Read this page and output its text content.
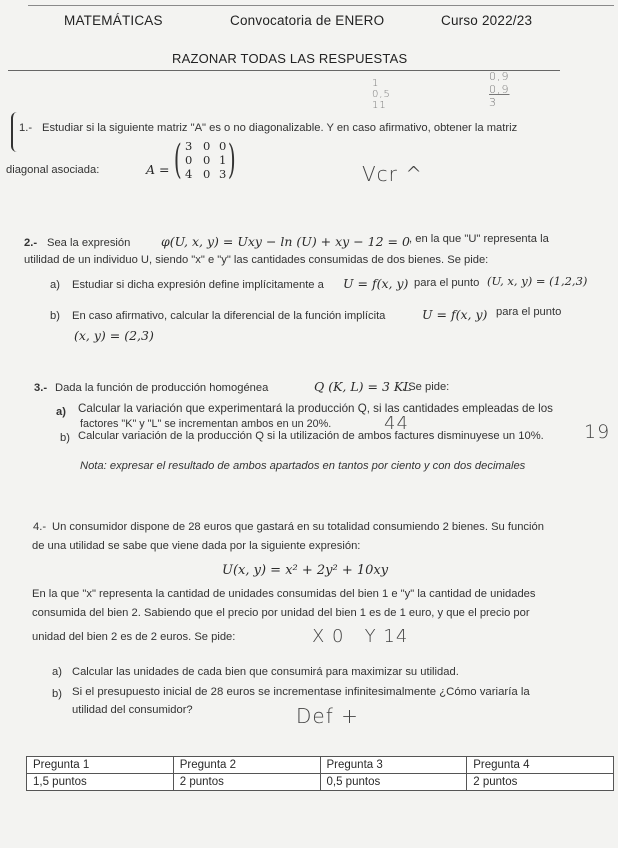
MATEMÁTICAS	Convocatoria de ENERO	Curso 2022/23
RAZONAR TODAS LAS RESPUESTAS
1
0,5
11
0,9
0,9
3
1.- Estudiar si la siguiente matriz "A" es o no diagonalizable. Y en caso afirmativo, obtener la matriz
diagonal asociada:	A = ( 3 0 0
0 0 1
4 0 3 )	Vcr ^
2.- Sea la expresión φ(U, x, y) = Uxy − ln (U) + xy − 12 = 0 , en la que "U" representa la
utilidad de un individuo U, siendo "x" e "y" las cantidades consumidas de dos bienes. Se pide:
a) Estudiar si dicha expresión define implícitamente a U = f(x, y) para el punto (U, x, y) = (1,2,3)
b) En caso afirmativo, calcular la diferencial de la función implícita	U = f(x, y) para el punto
(x, y) = (2,3)
3.- Dada la función de producción homogénea	Q (K, L) = 3 KL
. Se pide:
a) Calcular la variación que experimentará la producción Q, si las cantidades empleadas de los
factores "K" y "L" se incrementan ambos en un 20%.	44
b) Calcular variación de la producción Q si la utilización de ambos factures disminuyese un 10%. 19
Nota: expresar el resultado de ambos apartados en tantos por ciento y con dos decimales
4.- Un consumidor dispone de 28 euros que gastará en su totalidad consumiendo 2 bienes. Su función
de una utilidad se sabe que viene dada por la siguiente expresión:
U(x, y) = x² + 2y² + 10xy
En la que "x" representa la cantidad de unidades consumidas del bien 1 e "y" la cantidad de unidades
consumida del bien 2. Sabiendo que el precio por unidad del bien 1 es de 1 euro, y que el precio por
unidad del bien 2 es de 2 euros. Se pide:	X 0   Y 14
a) Calcular las unidades de cada bien que consumirá para maximizar su utilidad.
b) Si el presupuesto inicial de 28 euros se incrementase infinitesimalmente ¿Cómo variaría la
utilidad del consumidor?	Def +
Pregunta 1	Pregunta 2	Pregunta 3	Pregunta 4
1,5 puntos	2 puntos	0,5 puntos	2 puntos
